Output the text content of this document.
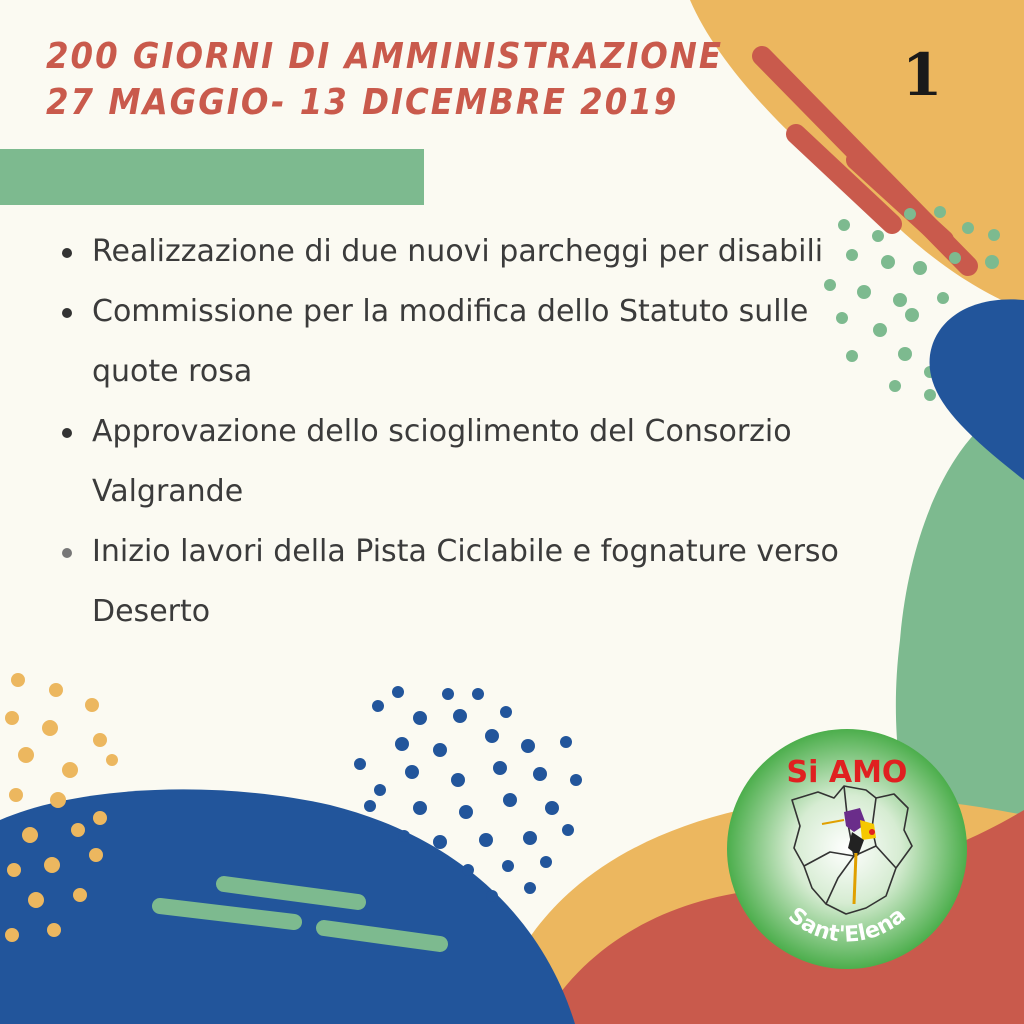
200 GIORNI DI AMMINISTRAZIONE
27 MAGGIO- 13 DICEMBRE 2019	1
Realizzazione di due nuovi parcheggi per disabili
Commissione per la modifica dello Statuto sulle quote rosa
Approvazione dello scioglimento del Consorzio Valgrande
Inizio lavori della Pista Ciclabile e fognature verso Deserto
Si AMO
Sant'Elena
